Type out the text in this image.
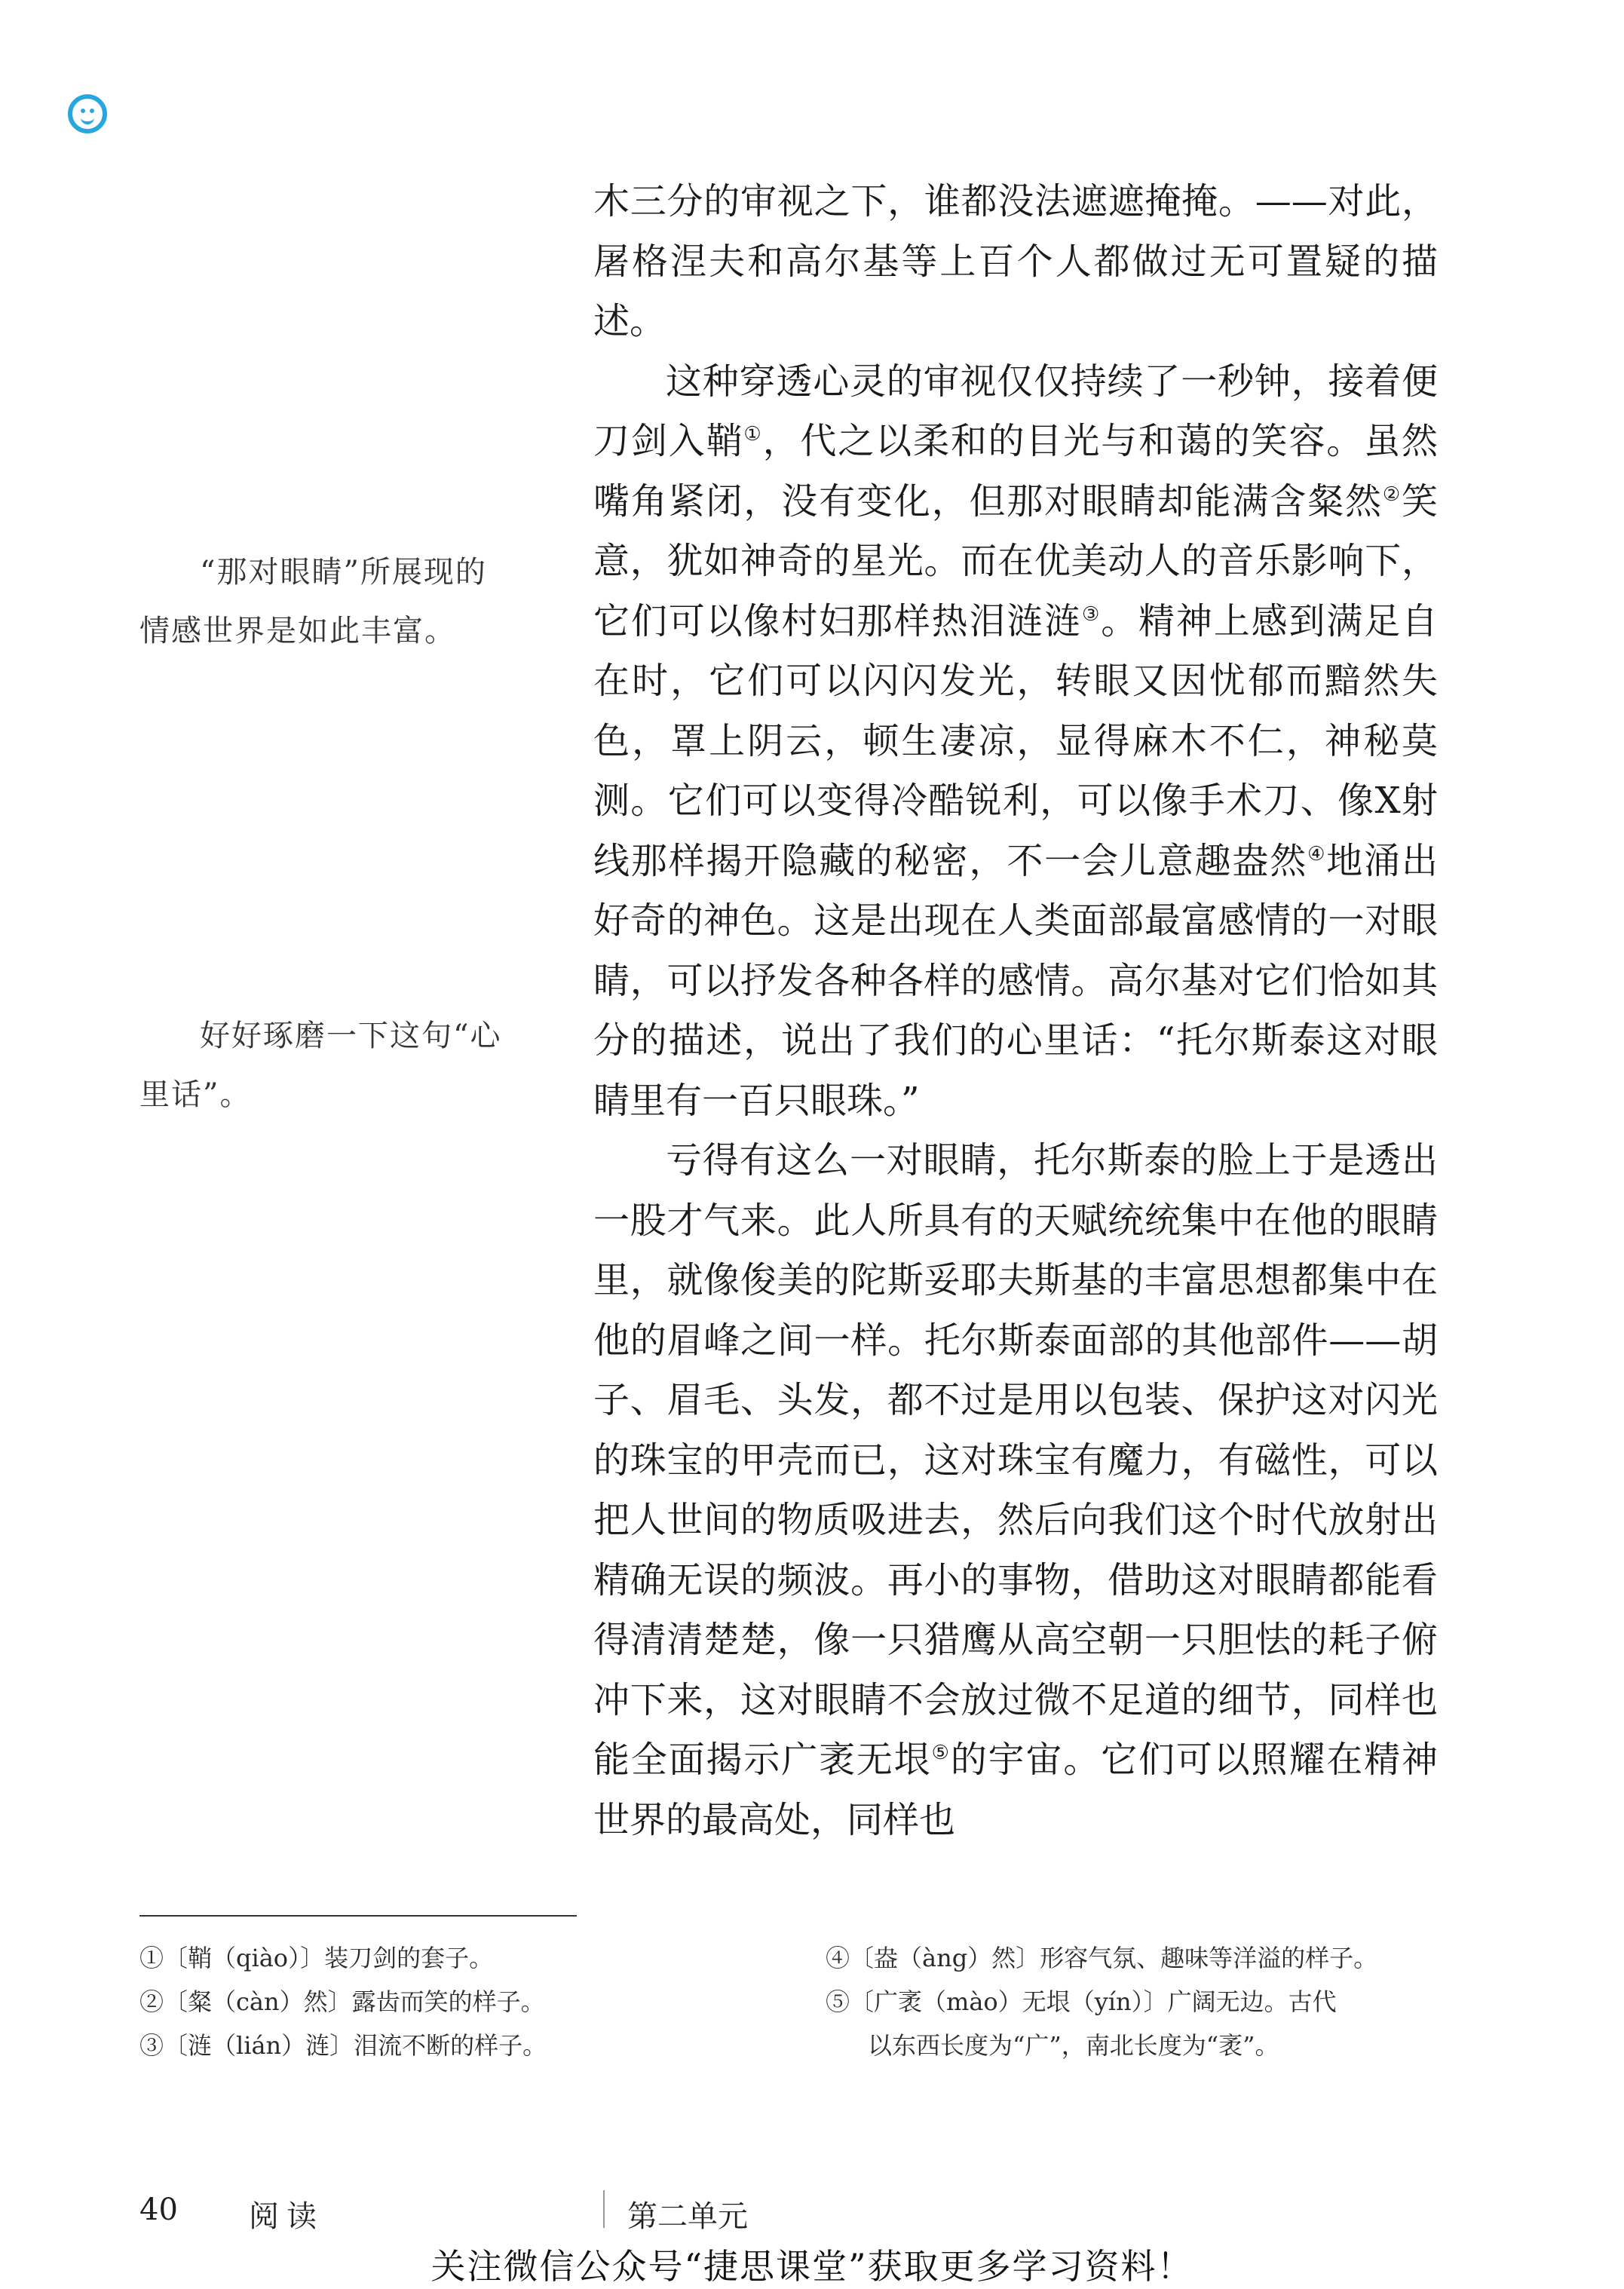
“那对眼睛”所展现的情感世界是如此丰富。

好好琢磨一下这句“心里话”。

木三分的审视之下，谁都没法遮遮掩掩。——对此，屠格涅夫和高尔基等上百个人都做过无可置疑的描述。

这种穿透心灵的审视仅仅持续了一秒钟，接着便刀剑入鞘①，代之以柔和的目光与和蔼的笑容。虽然嘴角紧闭，没有变化，但那对眼睛却能满含粲然②笑意，犹如神奇的星光。而在优美动人的音乐影响下，它们可以像村妇那样热泪涟涟③。精神上感到满足自在时，它们可以闪闪发光，转眼又因忧郁而黯然失色，罩上阴云，顿生凄凉，显得麻木不仁，神秘莫测。它们可以变得冷酷锐利，可以像手术刀、像X射线那样揭开隐藏的秘密，不一会儿意趣盎然④地涌出好奇的神色。这是出现在人类面部最富感情的一对眼睛，可以抒发各种各样的感情。高尔基对它们恰如其分的描述，说出了我们的心里话：“托尔斯泰这对眼睛里有一百只眼珠。”

亏得有这么一对眼睛，托尔斯泰的脸上于是透出一股才气来。此人所具有的天赋统统集中在他的眼睛里，就像俊美的陀斯妥耶夫斯基的丰富思想都集中在他的眉峰之间一样。托尔斯泰面部的其他部件——胡子、眉毛、头发，都不过是用以包装、保护这对闪光的珠宝的甲壳而已，这对珠宝有魔力，有磁性，可以把人世间的物质吸进去，然后向我们这个时代放射出精确无误的频波。再小的事物，借助这对眼睛都能看得清清楚楚，像一只猎鹰从高空朝一只胆怯的耗子俯冲下来，这对眼睛不会放过微不足道的细节，同样也能全面揭示广袤无垠⑤的宇宙。它们可以照耀在精神世界的最高处，同样也

①〔鞘（qiào）〕装刀剑的套子。
②〔粲（càn）然〕露齿而笑的样子。
③〔涟（lián）涟〕泪流不断的样子。
④〔盎（àng）然〕形容气氛、趣味等洋溢的样子。
⑤〔广袤（mào）无垠（yín）〕广阔无边。古代
以东西长度为“广”，南北长度为“袤”。
40 阅读	第二单元
关注微信公众号“捷思课堂”获取更多学习资料！
